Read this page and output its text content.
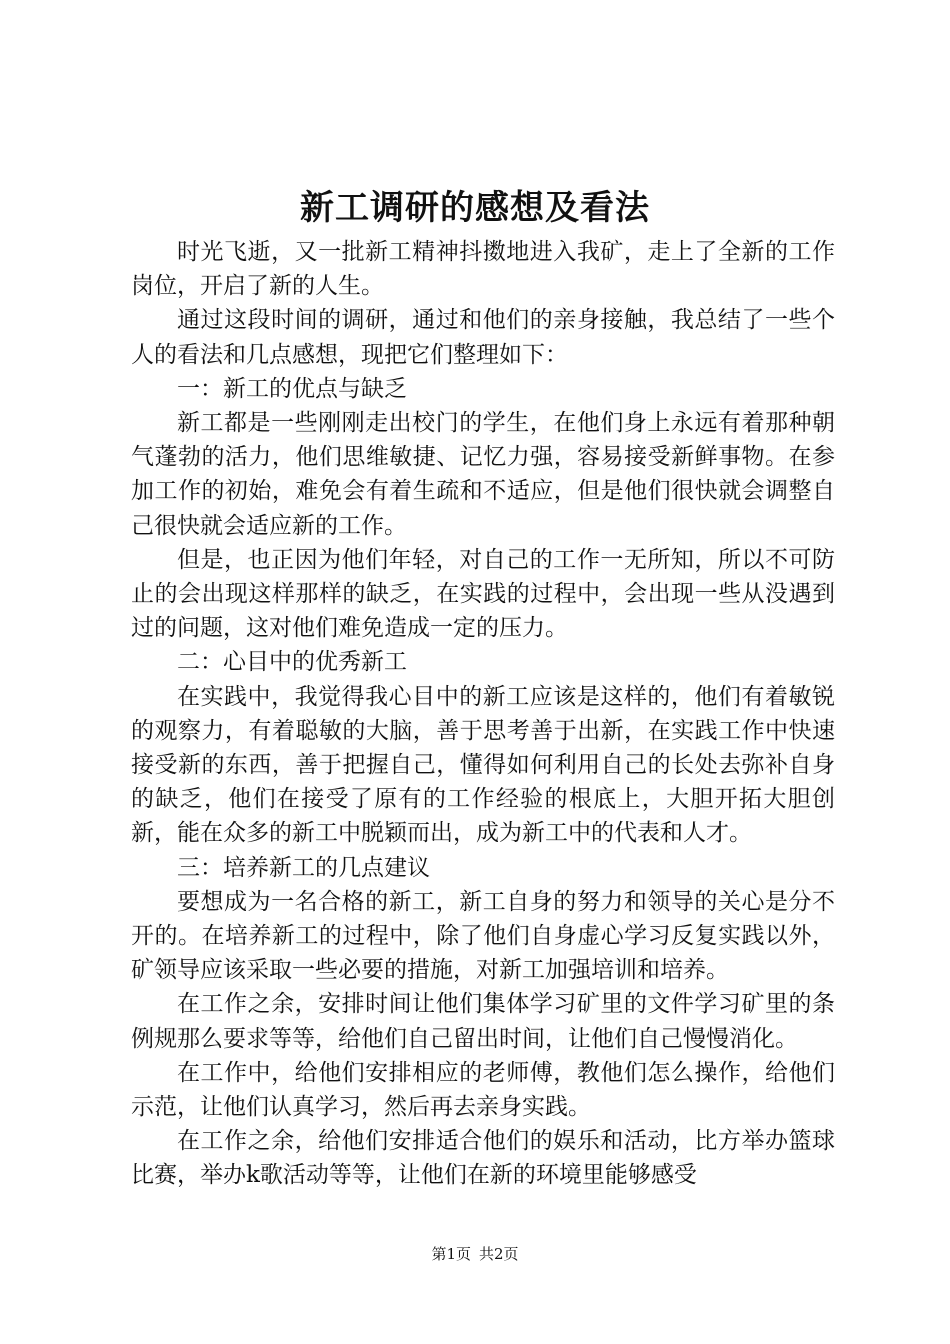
新工调研的感想及看法

时光飞逝，又一批新工精神抖擞地进入我矿，走上了全新的工作岗位，开启了新的人生。

通过这段时间的调研，通过和他们的亲身接触，我总结了一些个人的看法和几点感想，现把它们整理如下：

一：新工的优点与缺乏

新工都是一些刚刚走出校门的学生，在他们身上永远有着那种朝气蓬勃的活力，他们思维敏捷、记忆力强，容易接受新鲜事物。在参加工作的初始，难免会有着生疏和不适应，但是他们很快就会调整自己很快就会适应新的工作。

但是，也正因为他们年轻，对自己的工作一无所知，所以不可防止的会出现这样那样的缺乏，在实践的过程中，会出现一些从没遇到过的问题，这对他们难免造成一定的压力。

二：心目中的优秀新工

在实践中，我觉得我心目中的新工应该是这样的，他们有着敏锐的观察力，有着聪敏的大脑，善于思考善于出新，在实践工作中快速接受新的东西，善于把握自己，懂得如何利用自己的长处去弥补自身的缺乏，他们在接受了原有的工作经验的根底上，大胆开拓大胆创新，能在众多的新工中脱颖而出，成为新工中的代表和人才。

三：培养新工的几点建议

要想成为一名合格的新工，新工自身的努力和领导的关心是分不开的。在培养新工的过程中，除了他们自身虚心学习反复实践以外，矿领导应该采取一些必要的措施，对新工加强培训和培养。

在工作之余，安排时间让他们集体学习矿里的文件学习矿里的条例规那么要求等等，给他们自己留出时间，让他们自己慢慢消化。

在工作中，给他们安排相应的老师傅，教他们怎么操作，给他们示范，让他们认真学习，然后再去亲身实践。

在工作之余，给他们安排适合他们的娱乐和活动，比方举办篮球比赛，举办k歌活动等等，让他们在新的环境里能够感受

第1页 共2页
